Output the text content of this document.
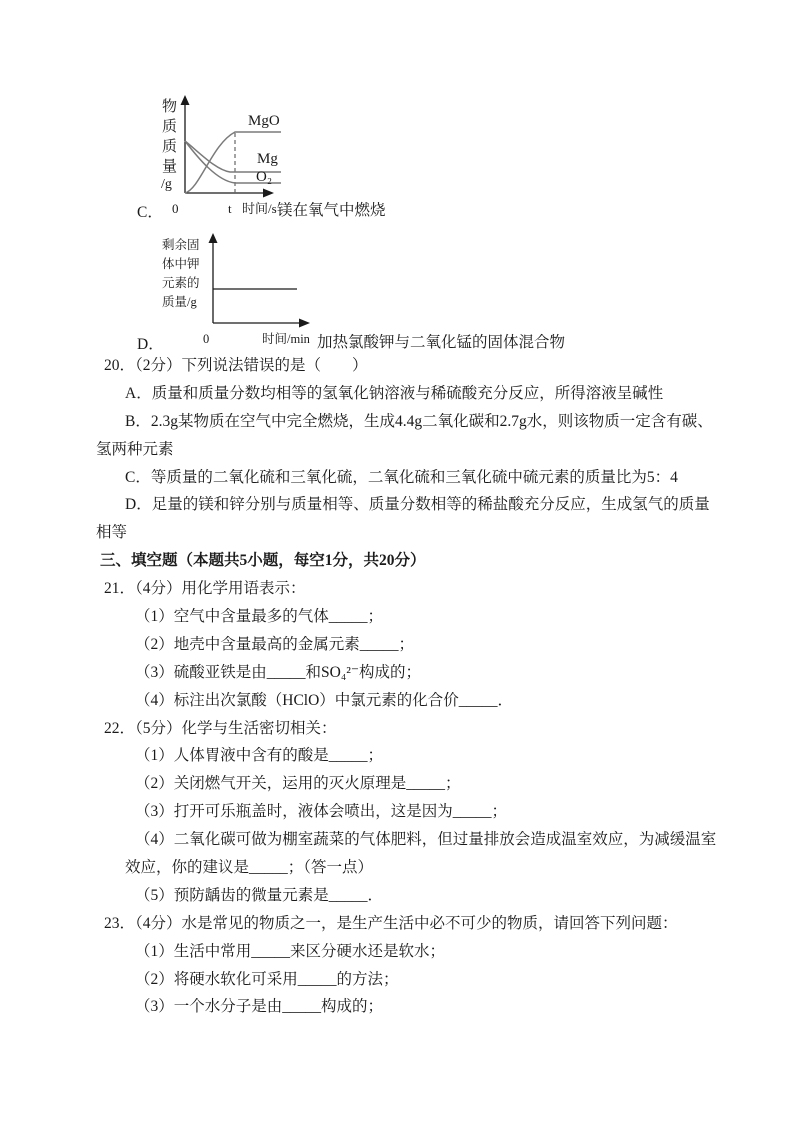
物
质
质
量
/g
MgO
Mg
O₂
0	t 时间/s
C．	镁在氧气中燃烧
剩余固
体中钾
元素的
质量/g
0	时间/min
D．	加热氯酸钾与二氧化锰的固体混合物
20．（2分）下列说法错误的是（　　）
A．质量和质量分数均相等的氢氧化钠溶液与稀硫酸充分反应，所得溶液呈碱性
B．2.3g某物质在空气中完全燃烧，生成4.4g二氧化碳和2.7g水，则该物质一定含有碳、
氢两种元素
C．等质量的二氧化硫和三氧化硫，二氧化硫和三氧化硫中硫元素的质量比为5：4
D．足量的镁和锌分别与质量相等、质量分数相等的稀盐酸充分反应，生成氢气的质量
相等
三、填空题（本题共5小题，每空1分，共20分）
21．（4分）用化学用语表示：
（1）空气中含量最多的气体_____；
（2）地壳中含量最高的金属元素_____；
（3）硫酸亚铁是由_____和SO₄²⁻构成的；
（4）标注出次氯酸（HClO）中氯元素的化合价_____．
22．（5分）化学与生活密切相关：
（1）人体胃液中含有的酸是_____；
（2）关闭燃气开关，运用的灭火原理是_____；
（3）打开可乐瓶盖时，液体会喷出，这是因为_____；
（4）二氧化碳可做为棚室蔬菜的气体肥料，但过量排放会造成温室效应，为减缓温室
效应，你的建议是_____；（答一点）
（5）预防龋齿的微量元素是_____．
23．（4分）水是常见的物质之一，是生产生活中必不可少的物质，请回答下列问题：
（1）生活中常用_____来区分硬水还是软水；
（2）将硬水软化可采用_____的方法；
（3）一个水分子是由_____构成的；
